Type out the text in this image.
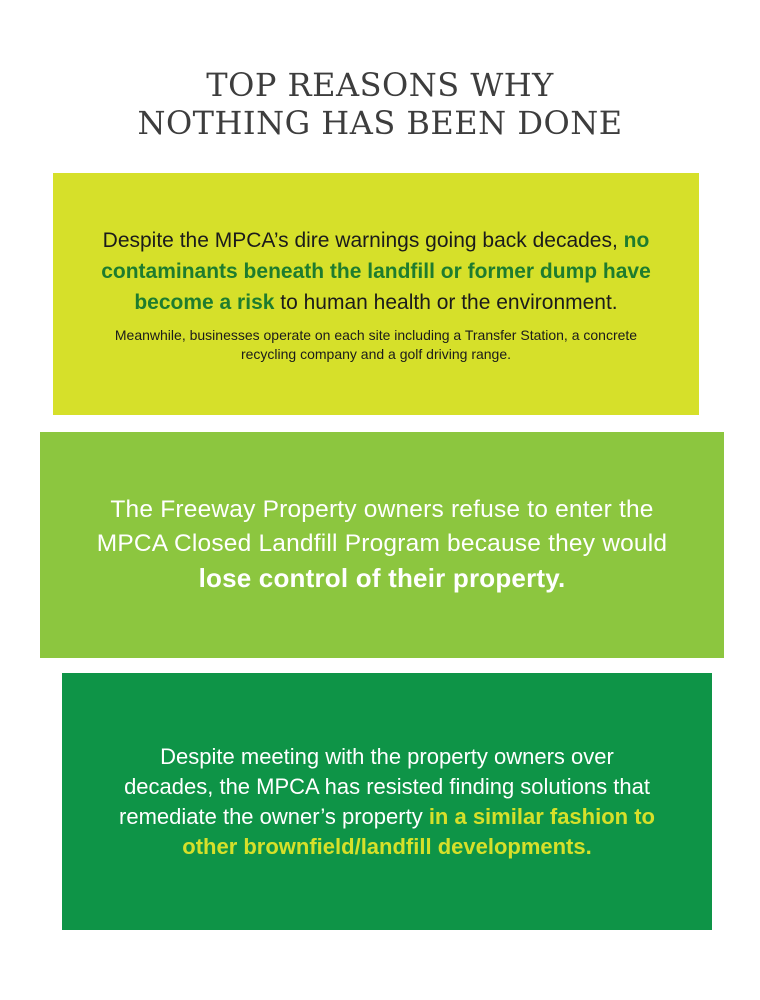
TOP REASONS WHY
NOTHING HAS BEEN DONE
Despite the MPCA’s dire warnings going back decades, no contaminants beneath the landfill or former dump have become a risk to human health or the environment.
Meanwhile, businesses operate on each site including a Transfer Station, a concrete recycling company and a golf driving range.
The Freeway Property owners refuse to enter the MPCA Closed Landfill Program because they would lose control of their property.
Despite meeting with the property owners over decades, the MPCA has resisted finding solutions that remediate the owner’s property in a similar fashion to other brownfield/landfill developments.
